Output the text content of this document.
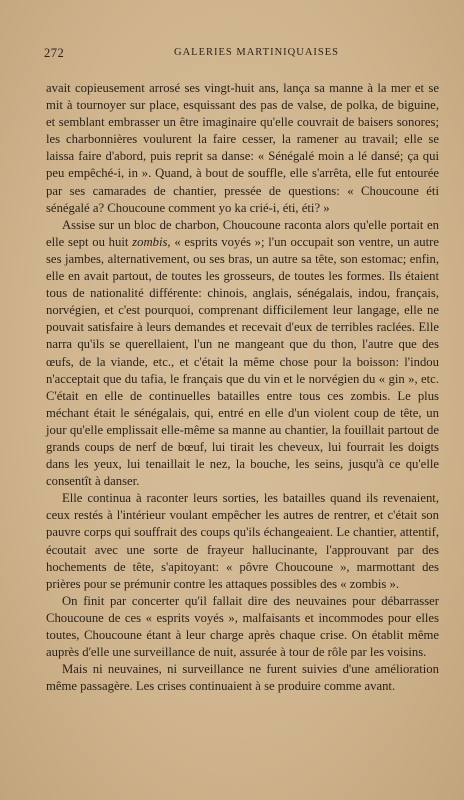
272	GALERIES MARTINIQUAISES

avait copieusement arrosé ses vingt-huit ans, lança sa manne à la mer et se mit à tournoyer sur place, esquissant des pas de valse, de polka, de biguine, et semblant embrasser un être imaginaire qu'elle couvrait de baisers sonores; les charbonnières voulurent la faire cesser, la ramener au travail; elle se laissa faire d'abord, puis reprit sa danse: « Sénégalé moin a lé dansé; ça qui peu empêché-i, in ». Quand, à bout de souffle, elle s'arrêta, elle fut entourée par ses camarades de chantier, pressée de questions: « Choucoune éti sénégalé a? Choucoune comment yo ka crié-i, éti, éti? »

Assise sur un bloc de charbon, Choucoune raconta alors qu'elle portait en elle sept ou huit zombis, « esprits voyés »; l'un occupait son ventre, un autre ses jambes, alternativement, ou ses bras, un autre sa tête, son estomac; enfin, elle en avait partout, de toutes les grosseurs, de toutes les formes. Ils étaient tous de nationalité différente: chinois, anglais, sénégalais, indou, français, norvégien, et c'est pourquoi, comprenant difficilement leur langage, elle ne pouvait satisfaire à leurs demandes et recevait d'eux de terribles raclées. Elle narra qu'ils se querellaient, l'un ne mangeant que du thon, l'autre que des œufs, de la viande, etc., et c'était la même chose pour la boisson: l'indou n'acceptait que du tafia, le français que du vin et le norvégien du « gin », etc. C'était en elle de continuelles batailles entre tous ces zombis. Le plus méchant était le sénégalais, qui, entré en elle d'un violent coup de tête, un jour qu'elle emplissait elle-même sa manne au chantier, la fouillait partout de grands coups de nerf de bœuf, lui tirait les cheveux, lui fourrait les doigts dans les yeux, lui tenaillait le nez, la bouche, les seins, jusqu'à ce qu'elle consentît à danser.

Elle continua à raconter leurs sorties, les batailles quand ils revenaient, ceux restés à l'intérieur voulant empêcher les autres de rentrer, et c'était son pauvre corps qui souffrait des coups qu'ils échangeaient. Le chantier, attentif, écoutait avec une sorte de frayeur hallucinante, l'approuvant par des hochements de tête, s'apitoyant: « pôvre Choucoune », marmottant des prières pour se prémunir contre les attaques possibles des « zombis ».

On finit par concerter qu'il fallait dire des neuvaines pour débarrasser Choucoune de ces « esprits voyés », malfaisants et incommodes pour elles toutes, Choucoune étant à leur charge après chaque crise. On établit même auprès d'elle une surveillance de nuit, assurée à tour de rôle par les voisins.

Mais ni neuvaines, ni surveillance ne furent suivies d'une amélioration même passagère. Les crises continuaient à se produire comme avant.
